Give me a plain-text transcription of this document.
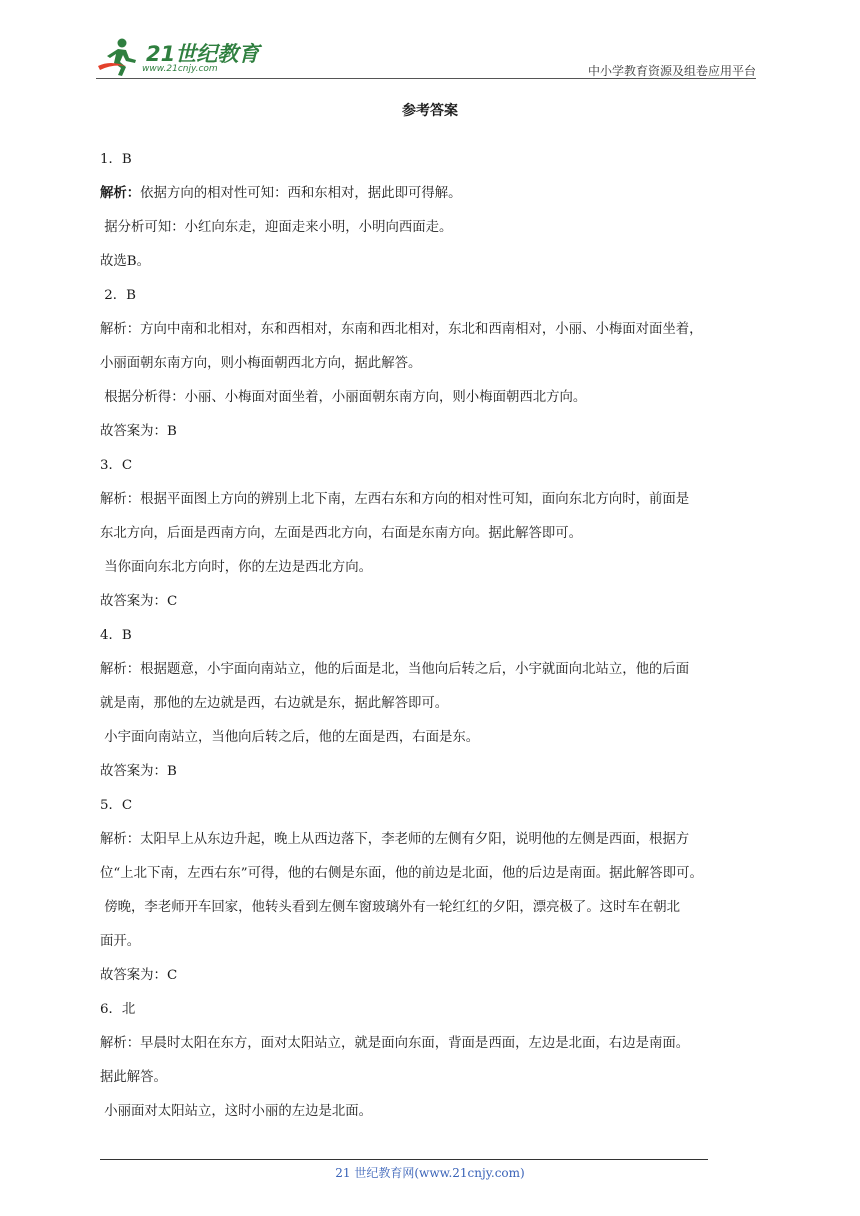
21世纪教育
www.21cnjy.com	中小学教育资源及组卷应用平台
参考答案
1．B
解析：依据方向的相对性可知：西和东相对，据此即可得解。
据分析可知：小红向东走，迎面走来小明，小明向西面走。
故选B。
2．B
解析：方向中南和北相对，东和西相对，东南和西北相对，东北和西南相对，小丽、小梅面对面坐着，
小丽面朝东南方向，则小梅面朝西北方向，据此解答。
根据分析得：小丽、小梅面对面坐着，小丽面朝东南方向，则小梅面朝西北方向。
故答案为：B
3．C
解析：根据平面图上方向的辨别上北下南，左西右东和方向的相对性可知，面向东北方向时，前面是
东北方向，后面是西南方向，左面是西北方向，右面是东南方向。据此解答即可。
当你面向东北方向时，你的左边是西北方向。
故答案为：C
4．B
解析：根据题意，小宇面向南站立，他的后面是北，当他向后转之后，小宇就面向北站立，他的后面
就是南，那他的左边就是西，右边就是东，据此解答即可。
小宇面向南站立，当他向后转之后，他的左面是西，右面是东。
故答案为：B
5．C
解析：太阳早上从东边升起，晚上从西边落下，李老师的左侧有夕阳，说明他的左侧是西面，根据方
位“上北下南，左西右东”可得，他的右侧是东面，他的前边是北面，他的后边是南面。据此解答即可。
傍晚，李老师开车回家，他转头看到左侧车窗玻璃外有一轮红红的夕阳，漂亮极了。这时车在朝北
面开。
故答案为：C
6．北
解析：早晨时太阳在东方，面对太阳站立，就是面向东面，背面是西面，左边是北面，右边是南面。
据此解答。
小丽面对太阳站立，这时小丽的左边是北面。
21 世纪教育网(www.21cnjy.com)
